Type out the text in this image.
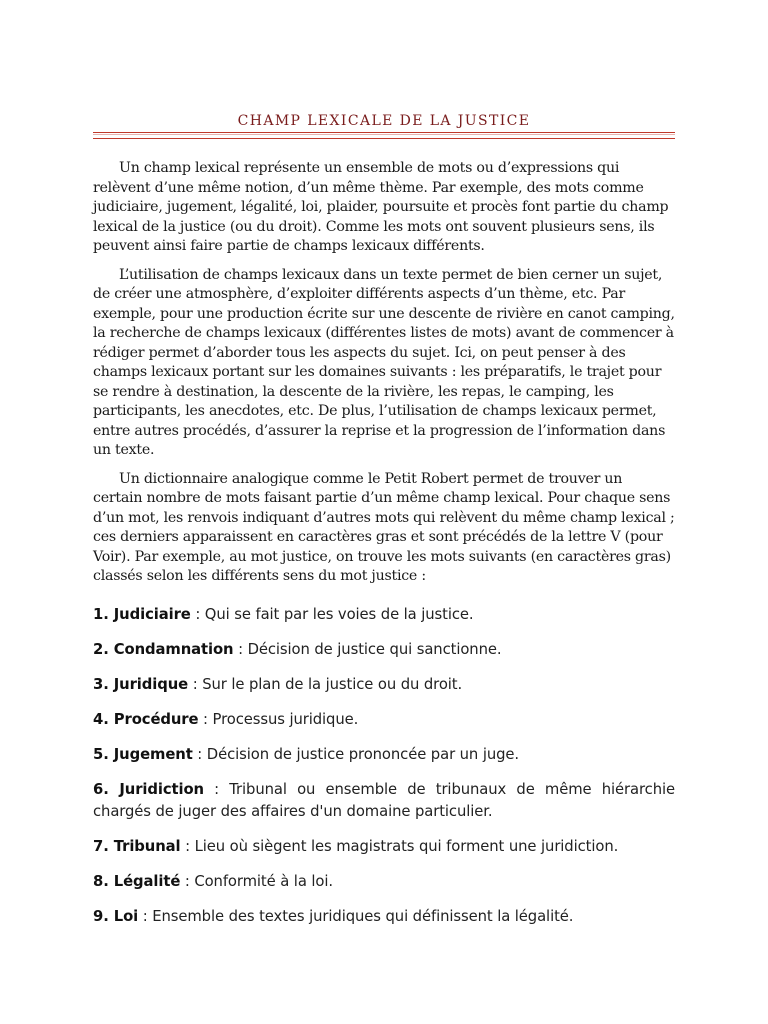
CHAMP LEXICALE DE LA JUSTICE

Un champ lexical représente un ensemble de mots ou d’expressions qui relèvent d’une même notion, d’un même thème. Par exemple, des mots comme judiciaire, jugement, légalité, loi, plaider, poursuite et procès font partie du champ lexical de la justice (ou du droit). Comme les mots ont souvent plusieurs sens, ils peuvent ainsi faire partie de champs lexicaux différents.

L’utilisation de champs lexicaux dans un texte permet de bien cerner un sujet, de créer une atmosphère, d’exploiter différents aspects d’un thème, etc. Par exemple, pour une production écrite sur une descente de rivière en canot camping, la recherche de champs lexicaux (différentes listes de mots) avant de commencer à rédiger permet d’aborder tous les aspects du sujet. Ici, on peut penser à des champs lexicaux portant sur les domaines suivants : les préparatifs, le trajet pour se rendre à destination, la descente de la rivière, les repas, le camping, les participants, les anecdotes, etc. De plus, l’utilisation de champs lexicaux permet, entre autres procédés, d’assurer la reprise et la progression de l’information dans un texte.

Un dictionnaire analogique comme le Petit Robert permet de trouver un certain nombre de mots faisant partie d’un même champ lexical. Pour chaque sens d’un mot, les renvois indiquant d’autres mots qui relèvent du même champ lexical ; ces derniers apparaissent en caractères gras et sont précédés de la lettre V (pour Voir). Par exemple, au mot justice, on trouve les mots suivants (en caractères gras) classés selon les différents sens du mot justice :

1. Judiciaire : Qui se fait par les voies de la justice.

2. Condamnation : Décision de justice qui sanctionne.

3. Juridique : Sur le plan de la justice ou du droit.

4. Procédure : Processus juridique.

5. Jugement : Décision de justice prononcée par un juge.

6. Juridiction : Tribunal ou ensemble de tribunaux de même hiérarchie chargés de juger des affaires d'un domaine particulier.

7. Tribunal : Lieu où siègent les magistrats qui forment une juridiction.

8. Légalité : Conformité à la loi.

9. Loi : Ensemble des textes juridiques qui définissent la légalité.
